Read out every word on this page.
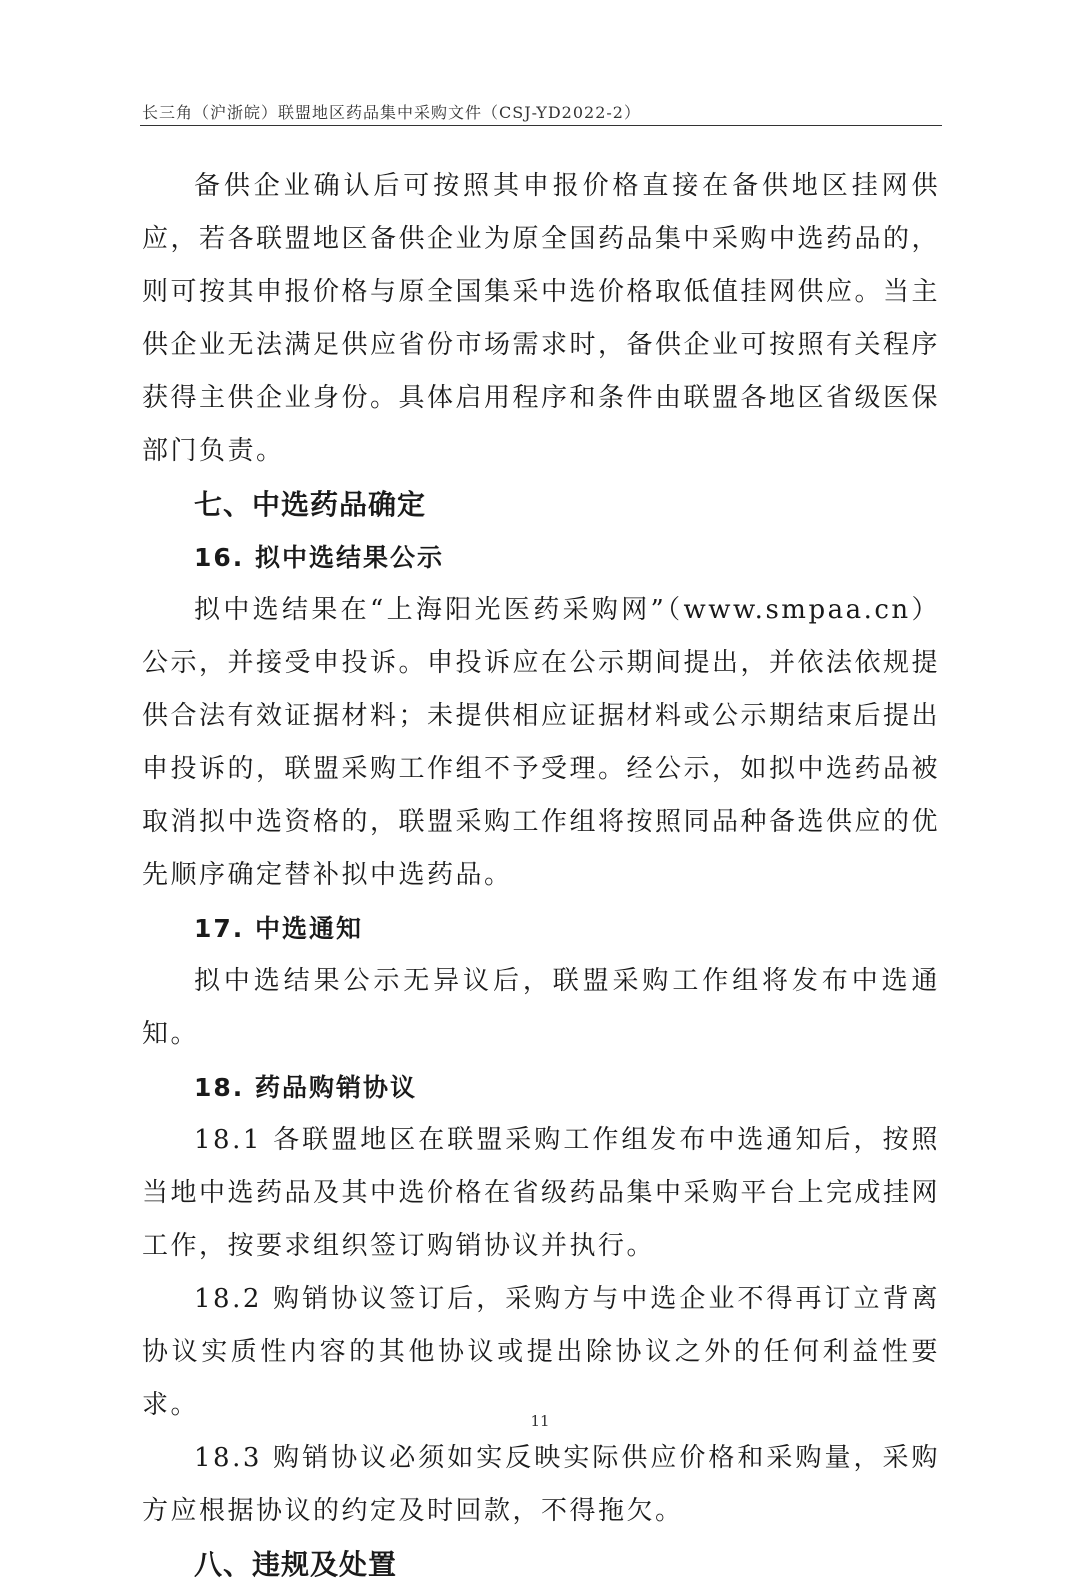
长三角（沪浙皖）联盟地区药品集中采购文件（CSJ-YD2022-2）

备供企业确认后可按照其申报价格直接在备供地区挂网供应，若各联盟地区备供企业为原全国药品集中采购中选药品的，则可按其申报价格与原全国集采中选价格取低值挂网供应。当主供企业无法满足供应省份市场需求时，备供企业可按照有关程序获得主供企业身份。具体启用程序和条件由联盟各地区省级医保部门负责。

七、中选药品确定
16. 拟中选结果公示

拟中选结果在“上海阳光医药采购网”（www.smpaa.cn）公示，并接受申投诉。申投诉应在公示期间提出，并依法依规提供合法有效证据材料；未提供相应证据材料或公示期结束后提出申投诉的，联盟采购工作组不予受理。经公示，如拟中选药品被取消拟中选资格的，联盟采购工作组将按照同品种备选供应的优先顺序确定替补拟中选药品。

17. 中选通知

拟中选结果公示无异议后，联盟采购工作组将发布中选通知。

18. 药品购销协议

18.1 各联盟地区在联盟采购工作组发布中选通知后，按照当地中选药品及其中选价格在省级药品集中采购平台上完成挂网工作，按要求组织签订购销协议并执行。

18.2 购销协议签订后，采购方与中选企业不得再订立背离协议实质性内容的其他协议或提出除协议之外的任何利益性要求。

18.3 购销协议必须如实反映实际供应价格和采购量，采购方应根据协议的约定及时回款，不得拖欠。

八、违规及处置
11
